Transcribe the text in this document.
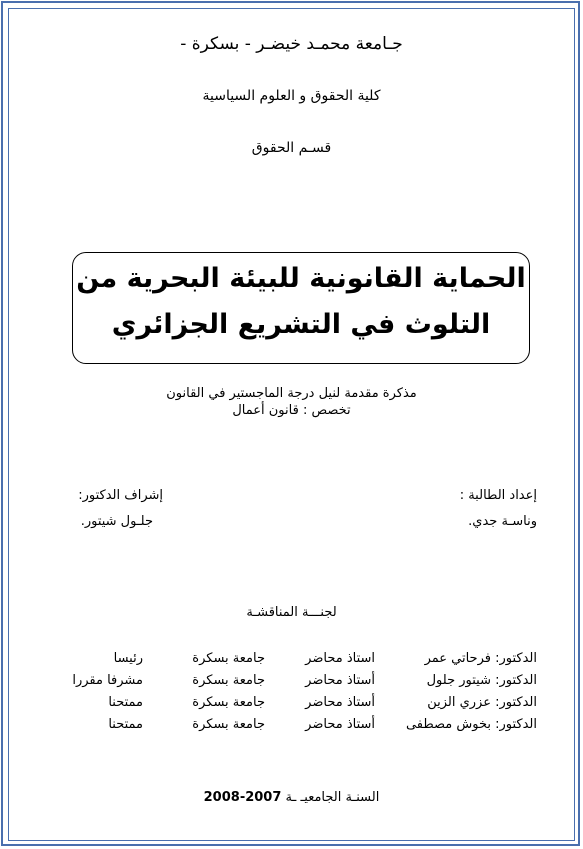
جـامعة محمـد خيضـر - بسكرة -
كلية الحقوق و العلوم السياسية
قسـم الحقوق
الحماية القانونية للبيئة البحرية من
التلوث في التشريع الجزائري
مذكرة مقدمة لنيل درجة الماجستير في القانون
تخصص : قانون أعمال
إعداد الطالبة :
وناسـة جدي.
إشراف الدكتور:
جلـول شيتور.
لجنـــة المناقشـة
الدكتور: فرحاتي عمر
استاذ محاضر
جامعة بسكرة
رئيسا
الدكتور: شيتور جلول
أستاذ محاضر
جامعة بسكرة
مشرفا مقررا
الدكتور: عزري الزين
أستاذ محاضر
جامعة بسكرة
ممتحنا
الدكتور: بخوش مصطفى
أستاذ محاضر
جامعة بسكرة
ممتحنا
السنـة الجامعيـ ـة 2008-2007
